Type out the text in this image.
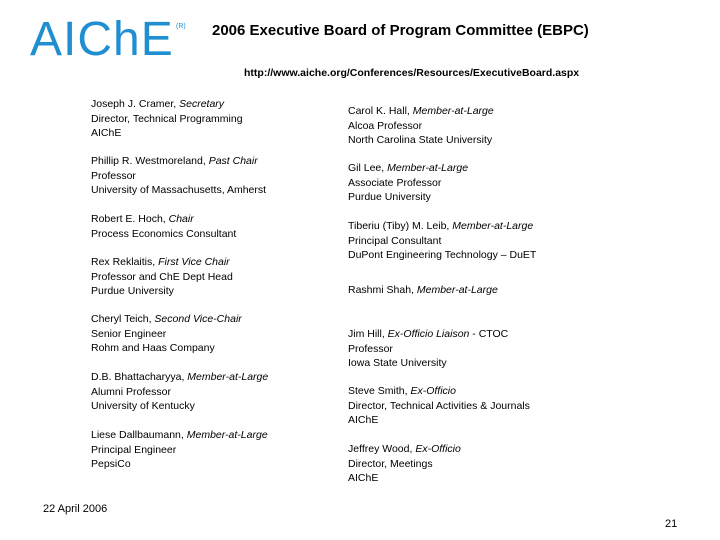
AIChE (R) 2006 Executive Board of Program Committee (EBPC)
http://www.aiche.org/Conferences/Resources/ExecutiveBoard.aspx
Joseph J. Cramer, Secretary
Director, Technical Programming
AIChE
Phillip R. Westmoreland, Past Chair
Professor
University of Massachusetts, Amherst
Robert E. Hoch, Chair
Process Economics Consultant
Rex Reklaitis, First Vice Chair
Professor and ChE Dept Head
Purdue University
Cheryl Teich, Second Vice-Chair
Senior Engineer
Rohm and Haas Company
D.B. Bhattacharyya, Member-at-Large
Alumni Professor
University of Kentucky
Liese Dallbaumann, Member-at-Large
Principal Engineer
PepsiCo
Carol K. Hall, Member-at-Large
Alcoa Professor
North Carolina State University
Gil Lee, Member-at-Large
Associate Professor
Purdue University
Tiberiu (Tiby) M. Leib, Member-at-Large
Principal Consultant
DuPont Engineering Technology – DuET
Rashmi Shah, Member-at-Large
Jim Hill, Ex-Officio Liaison - CTOC
Professor
Iowa State University
Steve Smith, Ex-Officio
Director, Technical Activities & Journals
AIChE
Jeffrey Wood, Ex-Officio
Director, Meetings
AIChE
22 April 2006
21
